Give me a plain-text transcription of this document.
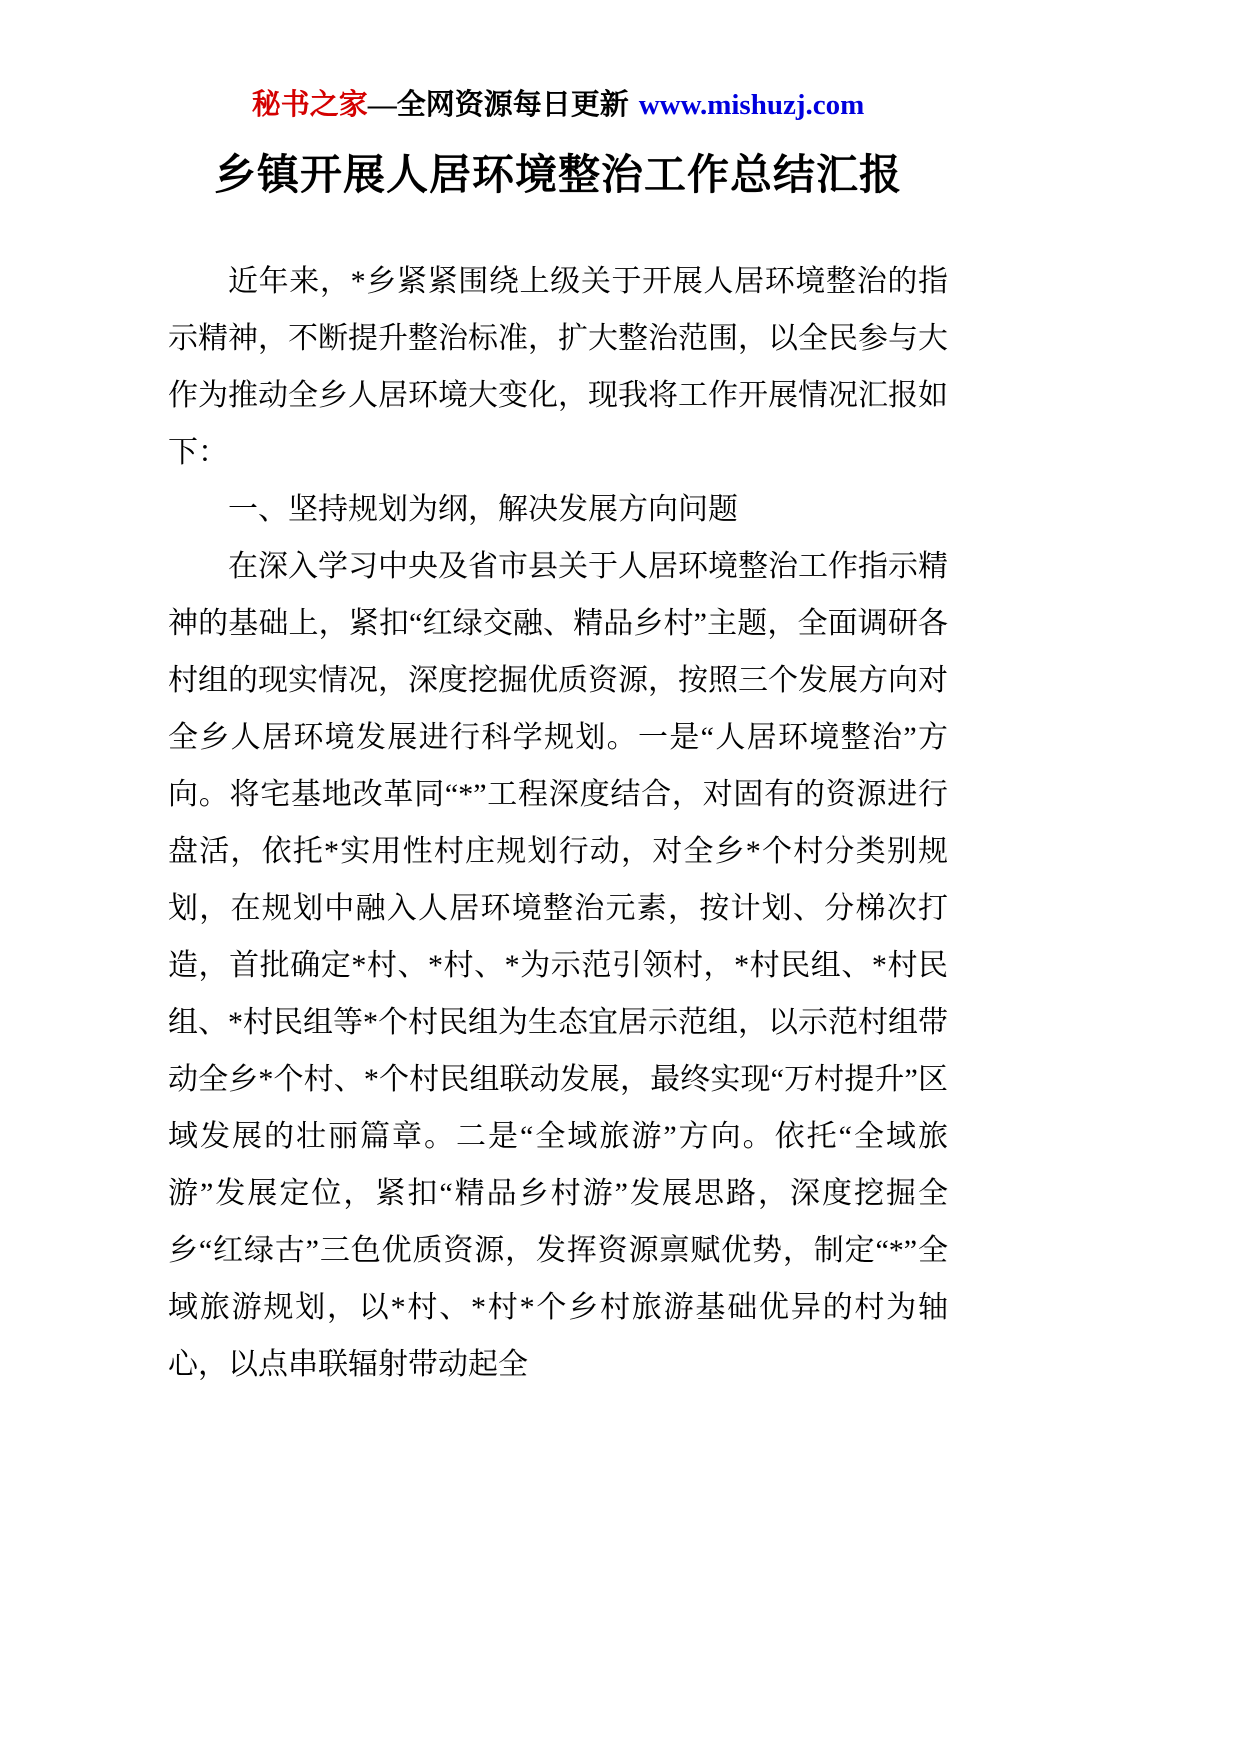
秘书之家—全网资源每日更新 www.mishuzj.com
乡镇开展人居环境整治工作总结汇报

近年来，*乡紧紧围绕上级关于开展人居环境整治的指示精神，不断提升整治标准，扩大整治范围，以全民参与大作为推动全乡人居环境大变化，现我将工作开展情况汇报如下：

一、坚持规划为纲，解决发展方向问题

在深入学习中央及省市县关于人居环境整治工作指示精神的基础上，紧扣“红绿交融、精品乡村”主题，全面调研各村组的现实情况，深度挖掘优质资源，按照三个发展方向对全乡人居环境发展进行科学规划。一是“人居环境整治”方向。将宅基地改革同“*”工程深度结合，对固有的资源进行盘活，依托*实用性村庄规划行动，对全乡*个村分类别规划，在规划中融入人居环境整治元素，按计划、分梯次打造，首批确定*村、*村、*为示范引领村，*村民组、*村民组、*村民组等*个村民组为生态宜居示范组，以示范村组带动全乡*个村、*个村民组联动发展，最终实现“万村提升”区域发展的壮丽篇章。二是“全域旅游”方向。依托“全域旅游”发展定位，紧扣“精品乡村游”发展思路，深度挖掘全乡“红绿古”三色优质资源，发挥资源禀赋优势，制定“*”全域旅游规划，以*村、*村*个乡村旅游基础优异的村为轴心，以点串联辐射带动起全
